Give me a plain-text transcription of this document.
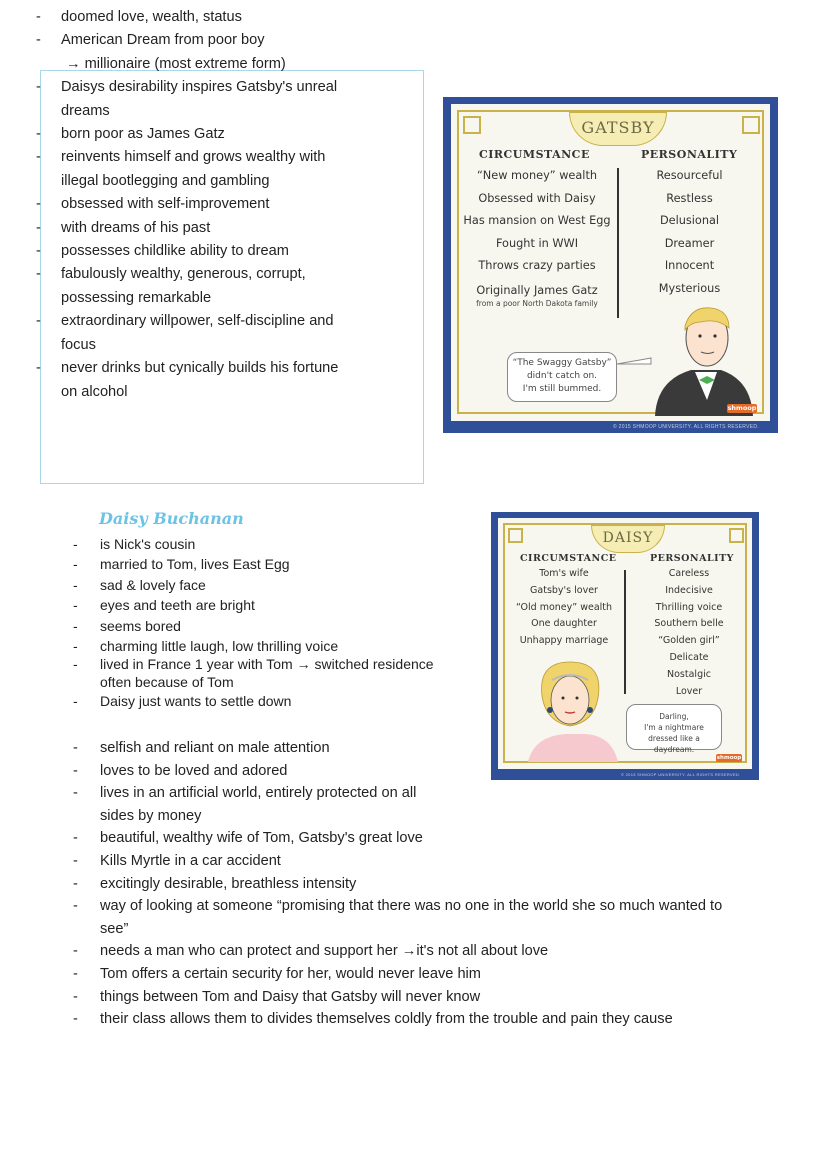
- doomed love, wealth, status
- American Dream from poor boy
→ millionaire (most extreme form)
- Daisys desirability inspires Gatsby's unreal
dreams
- born poor as James Gatz
- reinvents himself and grows wealthy with
illegal bootlegging and gambling
- obsessed with self-improvement
- with dreams of his past
- possesses childlike ability to dream
- fabulously wealthy, generous, corrupt,
possessing remarkable
- extraordinary willpower, self-discipline and
focus
- never drinks but cynically builds his fortune
on alcohol
GATSBY
CIRCUMSTANCE	PERSONALITY
“New money” wealth
Obsessed with Daisy
Has mansion on West Egg
Fought in WWI
Throws crazy parties
Originally James Gatz
from a poor North Dakota family
Resourceful
Restless
Delusional
Dreamer
Innocent
Mysterious
“The Swaggy Gatsby”
didn't catch on.
I'm still bummed.
shmoop
© 2015 SHMOOP UNIVERSITY. ALL RIGHTS RESERVED.
Daisy Buchanan
- is Nick's cousin
- married to Tom, lives East Egg
- sad & lovely face
- eyes and teeth are bright
- seems bored
- charming little laugh, low thrilling voice
- lived in France 1 year with Tom → switched residence
often because of Tom
- Daisy just wants to settle down
DAISY
CIRCUMSTANCE	PERSONALITY
Tom's wife
Gatsby's lover
“Old money” wealth
One daughter
Unhappy marriage
Careless
Indecisive
Thrilling voice
Southern belle
“Golden girl”
Delicate
Nostalgic
Lover
Darling,
I'm a nightmare
dressed like a daydream.
shmoop
© 2015 SHMOOP UNIVERSITY. ALL RIGHTS RESERVED.
- selfish and reliant on male attention
- loves to be loved and adored
- lives in an artificial world, entirely protected on all
sides by money
- beautiful, wealthy wife of Tom, Gatsby's great love
- Kills Myrtle in a car accident
- excitingly desirable, breathless intensity
- way of looking at someone “promising that there was no one in the world she so much wanted to
see”
- needs a man who can protect and support her →it's not all about love
- Tom offers a certain security for her, would never leave him
- things between Tom and Daisy that Gatsby will never know
- their class allows them to divides themselves coldly from the trouble and pain they cause
